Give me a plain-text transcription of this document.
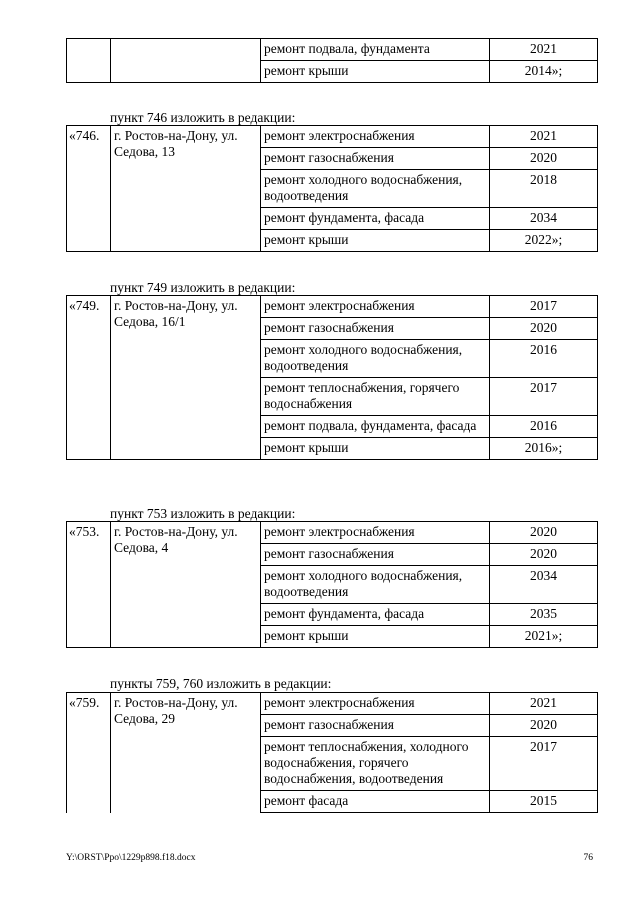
		ремонт подвала, фундамента	2021
		ремонт крыши	2014»;
пункт 746 изложить в редакции:
«746.	г. Ростов-на-Дону, ул. Седова, 13	ремонт электроснабжения	2021
		ремонт газоснабжения	2020
		ремонт холодного водоснабжения, водоотведения	2018
		ремонт фундамента, фасада	2034
		ремонт крыши	2022»;
пункт 749 изложить в редакции:
«749.	г. Ростов-на-Дону, ул. Седова, 16/1	ремонт электроснабжения	2017
		ремонт газоснабжения	2020
		ремонт холодного водоснабжения, водоотведения	2016
		ремонт теплоснабжения, горячего водоснабжения	2017
		ремонт подвала, фундамента, фасада	2016
		ремонт крыши	2016»;
пункт 753 изложить в редакции:
«753.	г. Ростов-на-Дону, ул. Седова, 4	ремонт электроснабжения	2020
		ремонт газоснабжения	2020
		ремонт холодного водоснабжения, водоотведения	2034
		ремонт фундамента, фасада	2035
		ремонт крыши	2021»;
пункты 759, 760 изложить в редакции:
«759.	г. Ростов-на-Дону, ул. Седова, 29	ремонт электроснабжения	2021
		ремонт газоснабжения	2020
		ремонт теплоснабжения, холодного водоснабжения, горячего водоснабжения, водоотведения	2017
		ремонт фасада	2015
Y:\ORST\Ppo\1229p898.f18.docx	76
